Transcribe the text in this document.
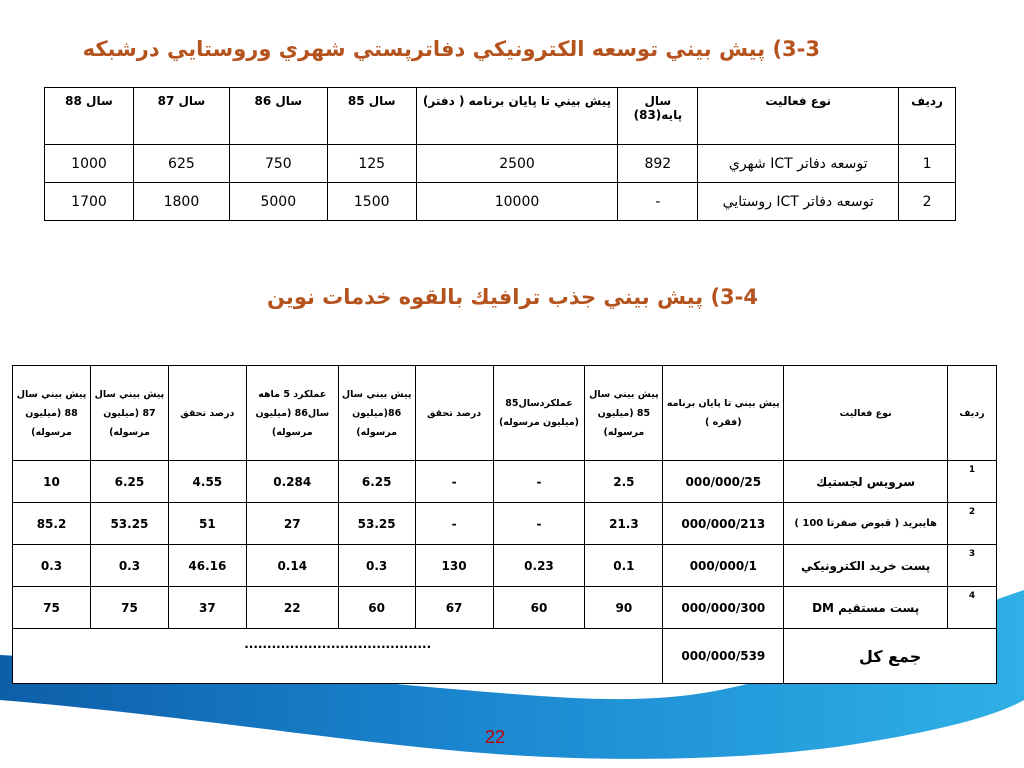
3-3) پيش بيني توسعه الكترونيكي دفاترپستي شهري وروستايي درشبكه
رديف	نوع فعاليت	سال پايه(83)	پيش بيني تا پايان برنامه ( دفتر)	سال 85	سال 86	سال 87	سال 88
1	توسعه دفاتر ICT شهري	892	2500	125	750	625	1000
2	توسعه دفاتر ICT روستايي	-	10000	1500	5000	1800	1700
3-4) پيش بيني جذب ترافيك بالقوه خدمات نوين
رديف	نوع فعاليت	پيش بيني تا پايان برنامه (فقره )	پيش بيني سال 85 (ميليون مرسوله)	عملكردسال85 (ميليون مرسوله)	درصد تحقق	پيش بيني سال 86(ميليون مرسوله)	عملكرد 5 ماهه سال86 (ميليون مرسوله)	درصد تحقق	پيش بيني سال 87 (ميليون مرسوله)	پيش بيني سال 88 (ميليون مرسوله)
1	سرويس لجستيك	000/000/25	2.5	-	-	6.25	0.284	4.55	6.25	10
2	هايبريد ( قبوض صفرتا 100 )	000/000/213	21.3	-	-	53.25	27	51	53.25	85.2
3	پست خريد الكترونيكي	000/000/1	0.1	0.23	130	0.3	0.14	46.16	0.3	0.3
4	پست مستقيم DM	000/000/300	90	60	67	60	22	37	75	75
جمع كل		000/000/539	.........................................							
22
